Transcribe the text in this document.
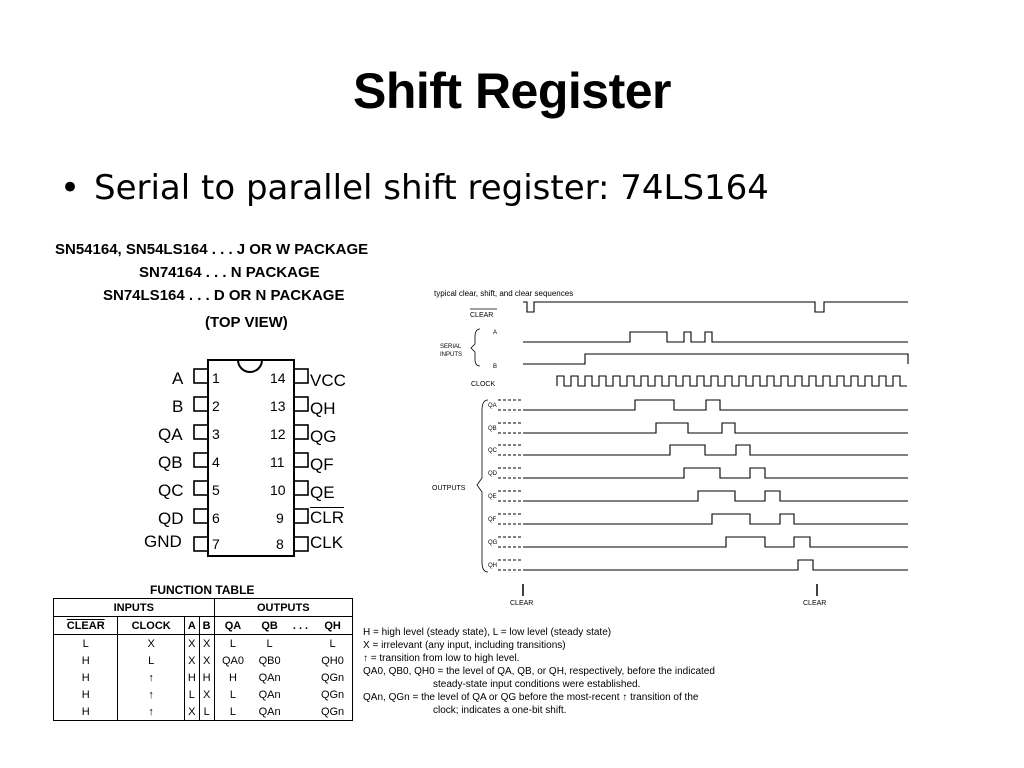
Shift Register
• Serial to parallel shift register: 74LS164
SN54164, SN54LS164 . . . J OR W PACKAGE
SN74164 . . . N PACKAGE
SN74LS164 . . . D OR N PACKAGE
(TOP VIEW)
A
B
QA
QB
QC
QD
GND
1
2
3
4
5
6
7
14
13
12
11
10
9
8
VCC
QH
QG
QF
QE
CLR
CLK
FUNCTION TABLE
INPUTS				OUTPUTS			
CLEAR	CLOCK	A	B	QA	QB	. . .	QH
L	X	X	X	L	L		L
H	L	X	X	QA0	QB0		QH0
H	↑	H	H	H	QAn		QGn
H	↑	L	X	L	QAn		QGn
H	↑	X	L	L	QAn		QGn
H = high level (steady state), L = low level (steady state)
X = irrelevant (any input, including transitions)
↑ = transition from low to high level.
QA0, QB0, QH0 = the level of QA, QB, or QH, respectively, before the indicated
steady-state input conditions were established.
QAn, QGn = the level of QA or QG before the most-recent ↑ transition of the
clock; indicates a one-bit shift.
typical clear, shift, and clear sequences
CLEAR
A
SERIAL
INPUTS
B
CLOCK
OUTPUTS
QA
QB
QC
QD
QE
QF
QG
QH
CLEAR	CLEAR
